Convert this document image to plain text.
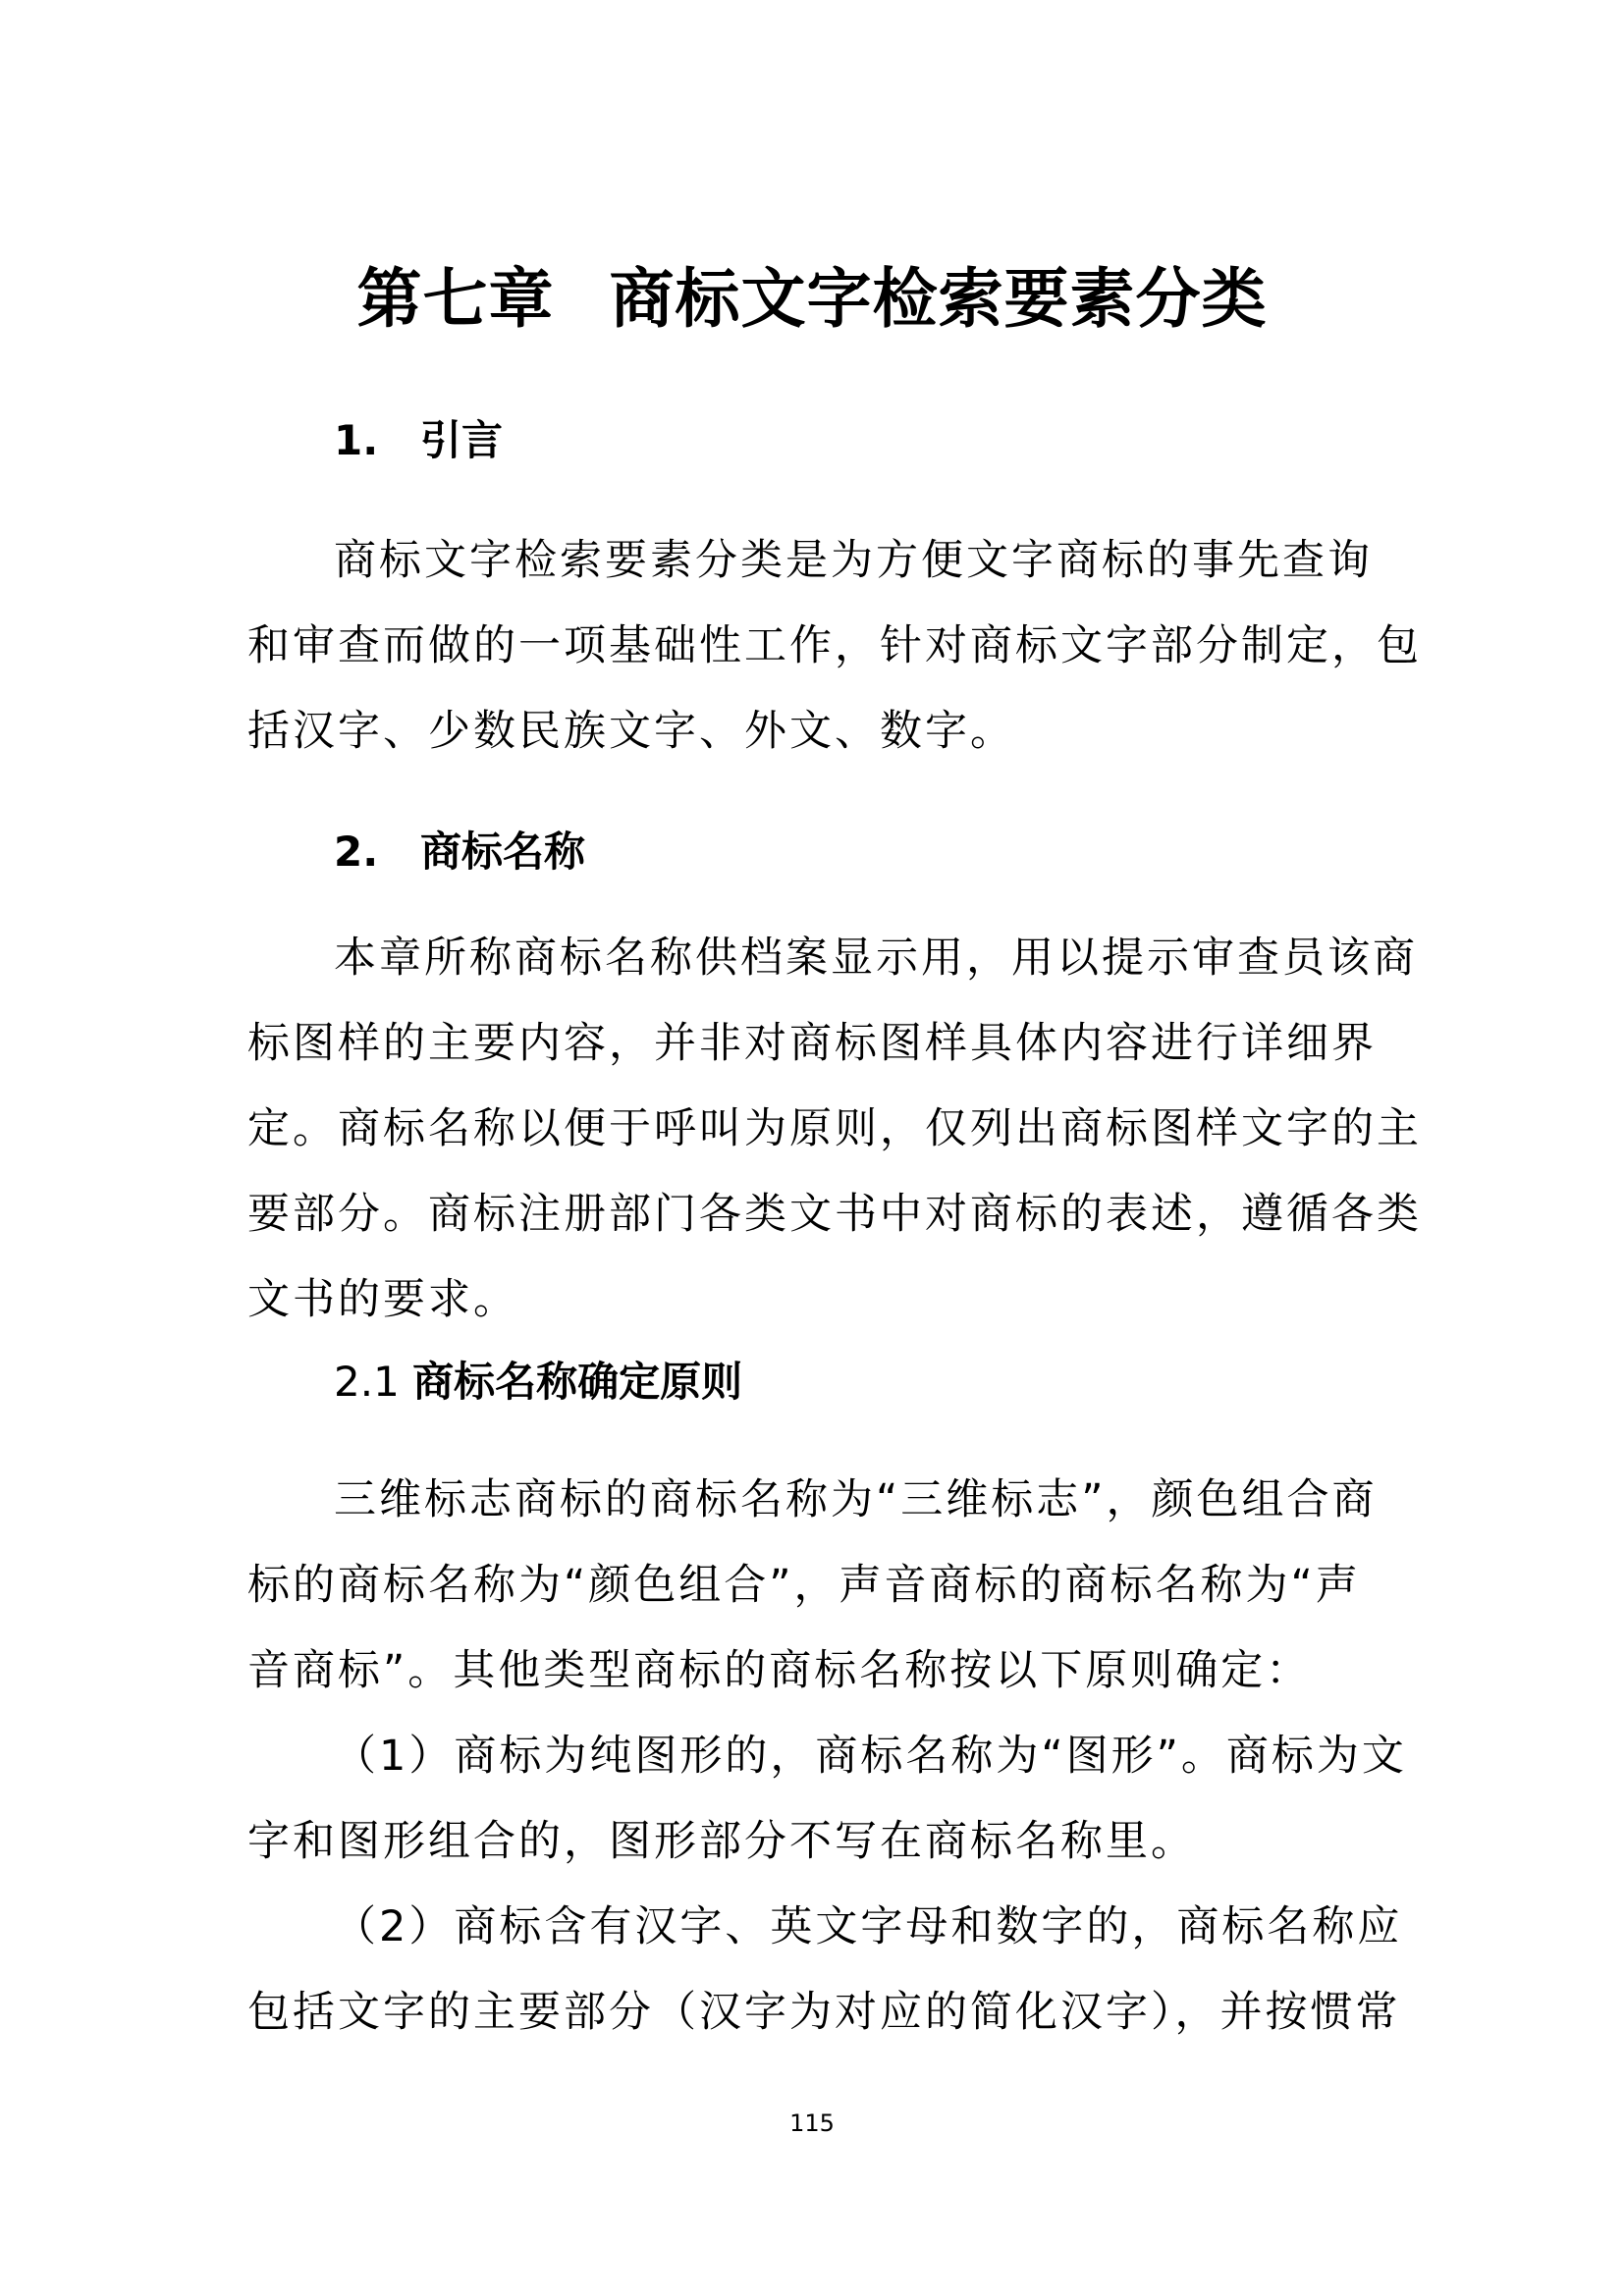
第七章 商标文字检索要素分类
1. 引言
商标文字检索要素分类是为方便文字商标的事先查询
和审查而做的一项基础性工作，针对商标文字部分制定，包
括汉字、少数民族文字、外文、数字。
2. 商标名称
本章所称商标名称供档案显示用，用以提示审查员该商
标图样的主要内容，并非对商标图样具体内容进行详细界
定。商标名称以便于呼叫为原则，仅列出商标图样文字的主
要部分。商标注册部门各类文书中对商标的表述，遵循各类
文书的要求。
2.1 商标名称确定原则
三维标志商标的商标名称为“三维标志”，颜色组合商
标的商标名称为“颜色组合”，声音商标的商标名称为“声
音商标”。其他类型商标的商标名称按以下原则确定：
（1）商标为纯图形的，商标名称为“图形”。商标为文
字和图形组合的，图形部分不写在商标名称里。
（2）商标含有汉字、英文字母和数字的，商标名称应
包括文字的主要部分（汉字为对应的简化汉字），并按惯常
115
